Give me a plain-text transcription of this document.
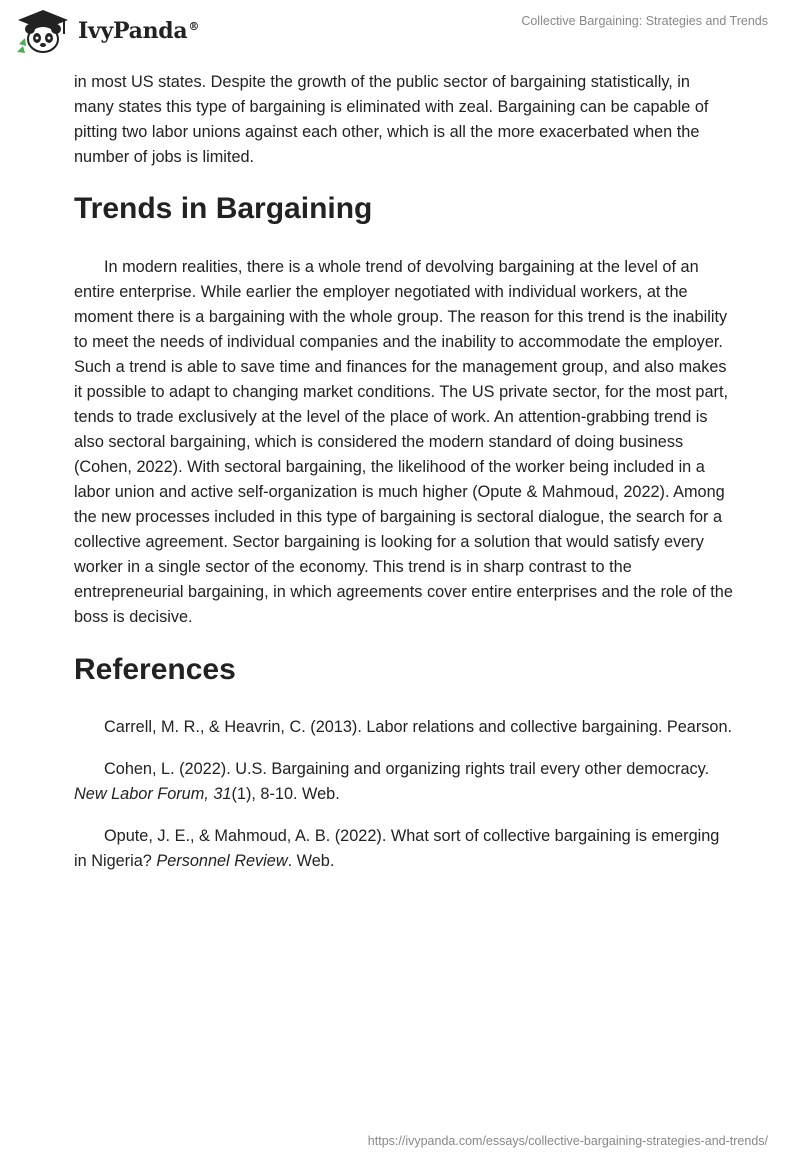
IvyPanda®	Collective Bargaining: Strategies and Trends

in most US states. Despite the growth of the public sector of bargaining statistically, in many states this type of bargaining is eliminated with zeal. Bargaining can be capable of pitting two labor unions against each other, which is all the more exacerbated when the number of jobs is limited.

Trends in Bargaining

In modern realities, there is a whole trend of devolving bargaining at the level of an entire enterprise. While earlier the employer negotiated with individual workers, at the moment there is a bargaining with the whole group. The reason for this trend is the inability to meet the needs of individual companies and the inability to accommodate the employer. Such a trend is able to save time and finances for the management group, and also makes it possible to adapt to changing market conditions. The US private sector, for the most part, tends to trade exclusively at the level of the place of work. An attention-grabbing trend is also sectoral bargaining, which is considered the modern standard of doing business (Cohen, 2022). With sectoral bargaining, the likelihood of the worker being included in a labor union and active self-organization is much higher (Opute & Mahmoud, 2022). Among the new processes included in this type of bargaining is sectoral dialogue, the search for a collective agreement. Sector bargaining is looking for a solution that would satisfy every worker in a single sector of the economy. This trend is in sharp contrast to the entrepreneurial bargaining, in which agreements cover entire enterprises and the role of the boss is decisive.

References

Carrell, M. R., & Heavrin, C. (2013). Labor relations and collective bargaining. Pearson.

Cohen, L. (2022). U.S. Bargaining and organizing rights trail every other democracy. New Labor Forum, 31(1), 8-10. Web.

Opute, J. E., & Mahmoud, A. B. (2022). What sort of collective bargaining is emerging in Nigeria? Personnel Review. Web.

https://ivypanda.com/essays/collective-bargaining-strategies-and-trends/
